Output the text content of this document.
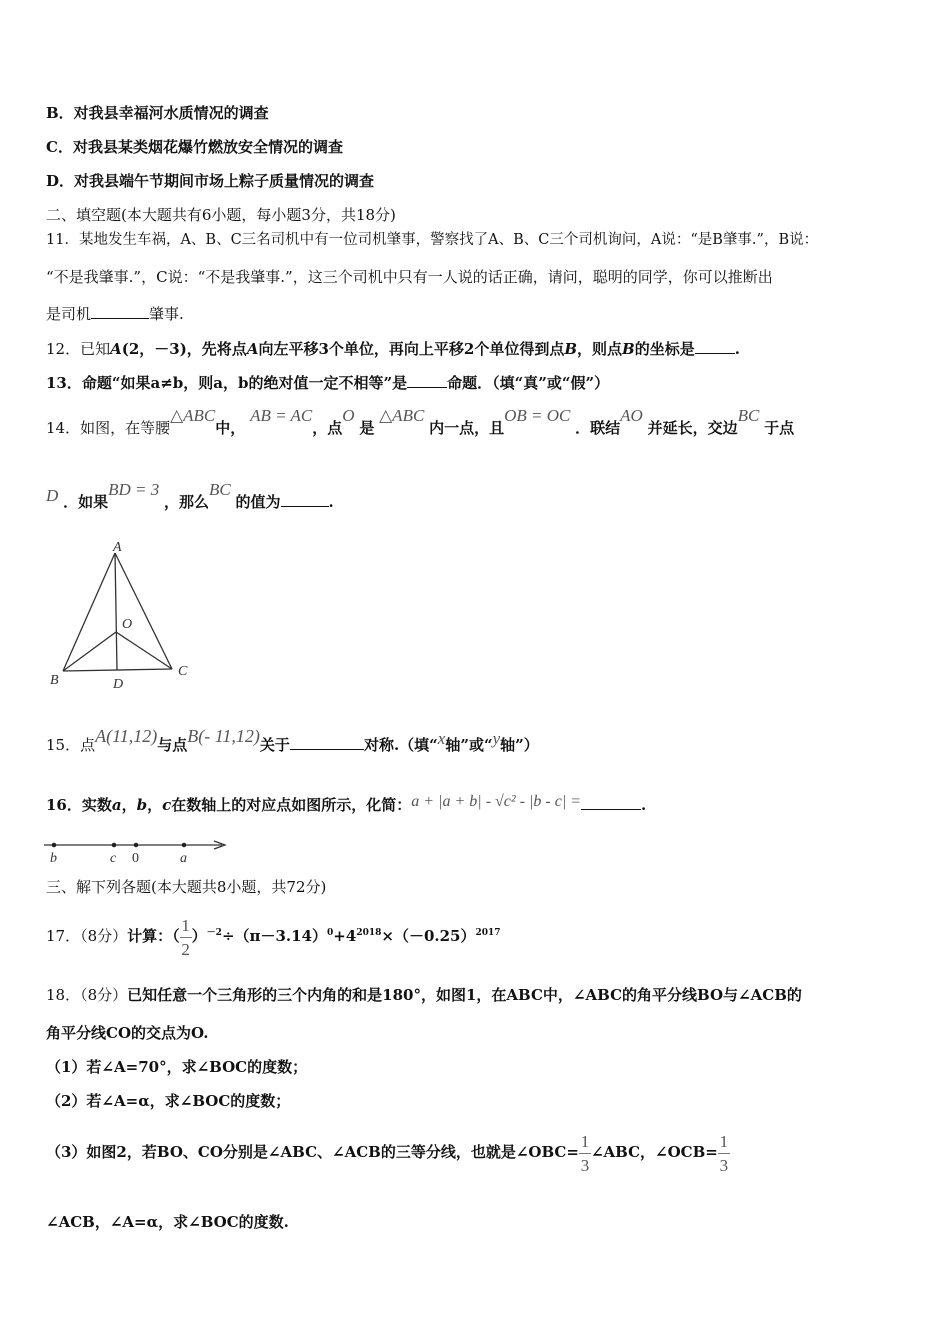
B．对我县幸福河水质情况的调查
C．对我县某类烟花爆竹燃放安全情况的调查
D．对我县端午节期间市场上粽子质量情况的调查
二、填空题(本大题共有6小题，每小题3分，共18分)
11．某地发生车祸，A、B、C三名司机中有一位司机肇事，警察找了A、B、C三个司机询问，A说：“是B肇事.”，B说：
“不是我肇事.”，C说：“不是我肇事.”，这三个司机中只有一人说的话正确，请问，聪明的同学，你可以推断出
是司机	肇事.
12．已知A(2，－3)，先将点A向左平移3个单位，再向上平移2个单位得到点B，则点B的坐标是	.
13．命题“如果a≠b，则a，b的绝对值一定不相等”是	命题．（填“真”或“假”）
14．如图，在等腰△ABC中， AB = AC，点O 是 △ABC 内一点，且OB = OC ．联结AO 并延长，交边BC 于点
D ．如果BD = 3 ，那么BC 的值为	.
A
O
B
C
D
15．点A(11,12)与点B(- 11,12)关于	对称.（填“x轴”或“y轴”）
16．实数a，b，c在数轴上的对应点如图所示，化简：a + |a + b| - √c² - |b - c| =	.
b	c 0	a
三、解下列各题(本大题共8小题，共72分)
17．（8分）计算：（ $\frac{1}{2} )^{-2}\div(\pi-3.14)^0+4^{2018}\times(-0.25)^{2017}$
18．（8分）已知任意一个三角形的三个内角的和是180°，如图1，在ABC中，∠ABC的角平分线BO与∠ACB的
角平分线CO的交点为O.
（1）若∠A=70°，求∠BOC的度数；
（2）若∠A=α，求∠BOC的度数；
（3）如图2，若BO、CO分别是∠ABC、∠ACB的三等分线，也就是∠OBC= $\frac{1}{3}$ ∠ABC，∠OCB= $\frac{1}{3}$
∠ACB，∠A=α，求∠BOC的度数.
